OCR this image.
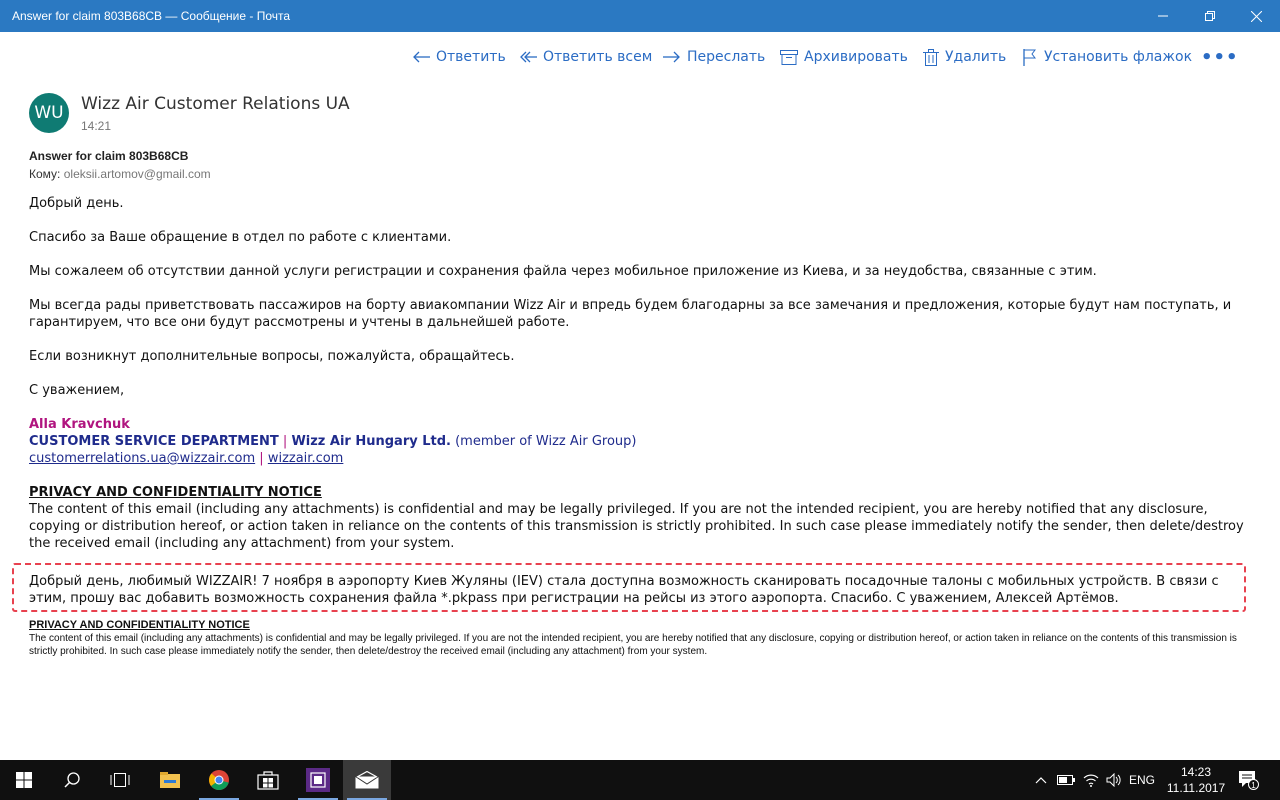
Answer for claim 803B68CB — Сообщение - Почта
Ответить	Ответить всем Переслать	Архивировать	Удалить	Установить флажок •••
WU	Wizz Air Customer Relations UA
14:21
Answer for claim 803B68CB
Кому: oleksii.artomov@gmail.com

Добрый день.

Спасибо за Ваше обращение в отдел по работе с клиентами.

Мы сожалеем об отсутствии данной услуги регистрации и сохранения файла через мобильное приложение из Киева, и за неудобства, связанные с этим.

Мы всегда рады приветствовать пассажиров на борту авиакомпании Wizz Air и впредь будем благодарны за все замечания и предложения, которые будут нам поступать, и гарантируем, что все они будут рассмотрены и учтены в дальнейшей работе.

Если возникнут дополнительные вопросы, пожалуйста, обращайтесь.

С уважением,

Alla Kravchuk
CUSTOMER SERVICE DEPARTMENT | Wizz Air Hungary Ltd. (member of Wizz Air Group)
customerrelations.ua@wizzair.com | wizzair.com
PRIVACY AND CONFIDENTIALITY NOTICE
The content of this email (including any attachments) is confidential and may be legally privileged. If you are not the intended recipient, you are hereby notified that any disclosure, copying or distribution hereof, or action taken in reliance on the contents of this transmission is strictly prohibited. In such case please immediately notify the sender, then delete/destroy the received email (including any attachment) from your system.
Добрый день, любимый WIZZAIR! 7 ноября в аэропорту Киев Жуляны (IEV) стала доступна возможность сканировать посадочные талоны с мобильных устройств. В связи с этим, прошу вас добавить возможность сохранения файла *.pkpass при регистрации на рейсы из этого аэропорта. Спасибо. С уважением, Алексей Артёмов.
PRIVACY AND CONFIDENTIALITY NOTICE
The content of this email (including any attachments) is confidential and may be legally privileged. If you are not the intended recipient, you are hereby notified that any disclosure, copying or distribution hereof, or action taken in reliance on the contents of this transmission is strictly prohibited. In such case please immediately notify the sender, then delete/destroy the received email (including any attachment) from your system.
ENG
14:23
11.11.2017	1
